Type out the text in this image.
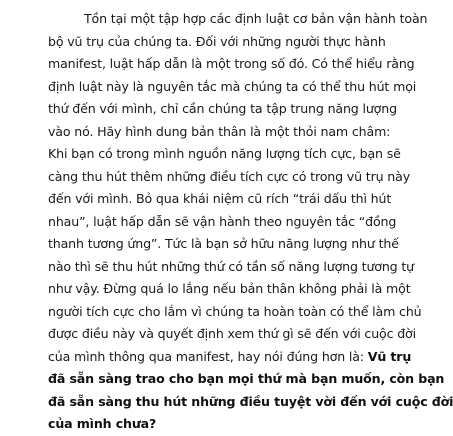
Tồn tại một tập hợp các định luật cơ bản vận hành toàn
bộ vũ trụ của chúng ta. Đối với những người thực hành
manifest, luật hấp dẫn là một trong số đó. Có thể hiểu rằng
định luật này là nguyên tắc mà chúng ta có thể thu hút mọi
thứ đến với mình, chỉ cần chúng ta tập trung năng lượng
vào nó. Hãy hình dung bản thân là một thỏi nam châm:
Khi bạn có trong mình nguồn năng lượng tích cực, bạn sẽ
càng thu hút thêm những điều tích cực có trong vũ trụ này
đến với mình. Bỏ qua khái niệm cũ rích “trái dấu thì hút
nhau”, luật hấp dẫn sẽ vận hành theo nguyên tắc “đồng
thanh tương ứng”. Tức là bạn sở hữu năng lượng như thế
nào thì sẽ thu hút những thứ có tần số năng lượng tương tự
như vậy. Đừng quá lo lắng nếu bản thân không phải là một
người tích cực cho lắm vì chúng ta hoàn toàn có thể làm chủ
được điều này và quyết định xem thứ gì sẽ đến với cuộc đời
của mình thông qua manifest, hay nói đúng hơn là: Vũ trụ
đã sẵn sàng trao cho bạn mọi thứ mà bạn muốn, còn bạn
đã sẵn sàng thu hút những điều tuyệt vời đến với cuộc đời
của mình chưa?
